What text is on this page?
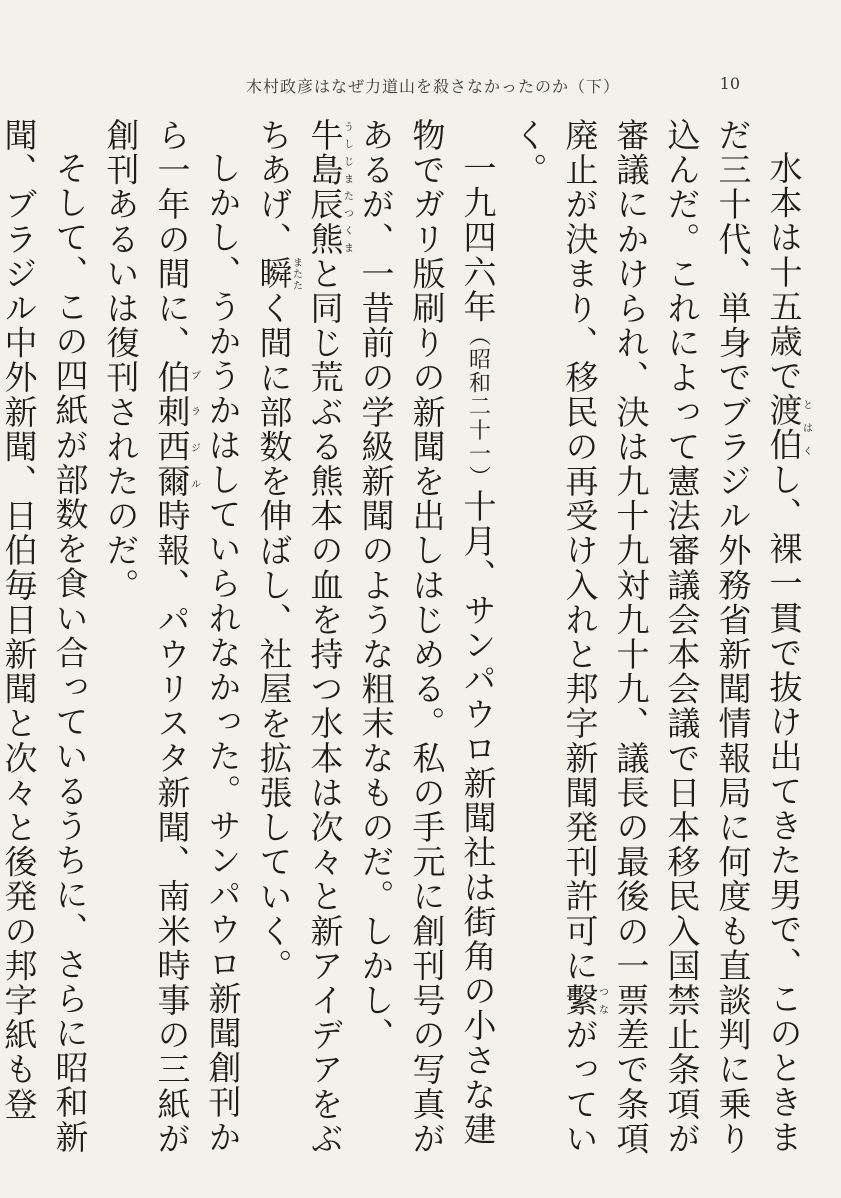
木村政彦はなぜ力道山を殺さなかったのか（下）	10

水本は十五歳で渡伯とはくし、裸一貫で抜け出てきた男で、このときまだ三十代、単身でブラジル外務省新聞情報局に何度も直談判に乗り込んだ。これによって憲法審議会本会議で日本移民入国禁止条項が審議にかけられ、決は九十九対九十九、議長の最後の一票差で条項廃止が決まり、移民の再受け入れと邦字新聞発刊許可に繫つながっていく。

一九四六年（昭和二十一）十月、サンパウロ新聞社は街角の小さな建物でガリ版刷りの新聞を出しはじめる。私の手元に創刊号の写真があるが、一昔前の学級新聞のような粗末なものだ。しかし、牛島辰熊うしじまたつくまと同じ荒ぶる熊本の血を持つ水本は次々と新アイデアをぶちあげ、瞬またたく間に部数を伸ばし、社屋を拡張していく。

しかし、うかうかはしていられなかった。サンパウロ新聞創刊から一年の間に、伯刺西爾ブラジル時報、パウリスタ新聞、南米時事の三紙が創刊あるいは復刊されたのだ。

そして、この四紙が部数を食い合っているうちに、さらに昭和新聞、ブラジル中外新聞、日伯毎日新聞と次々と後発の邦字紙も登
